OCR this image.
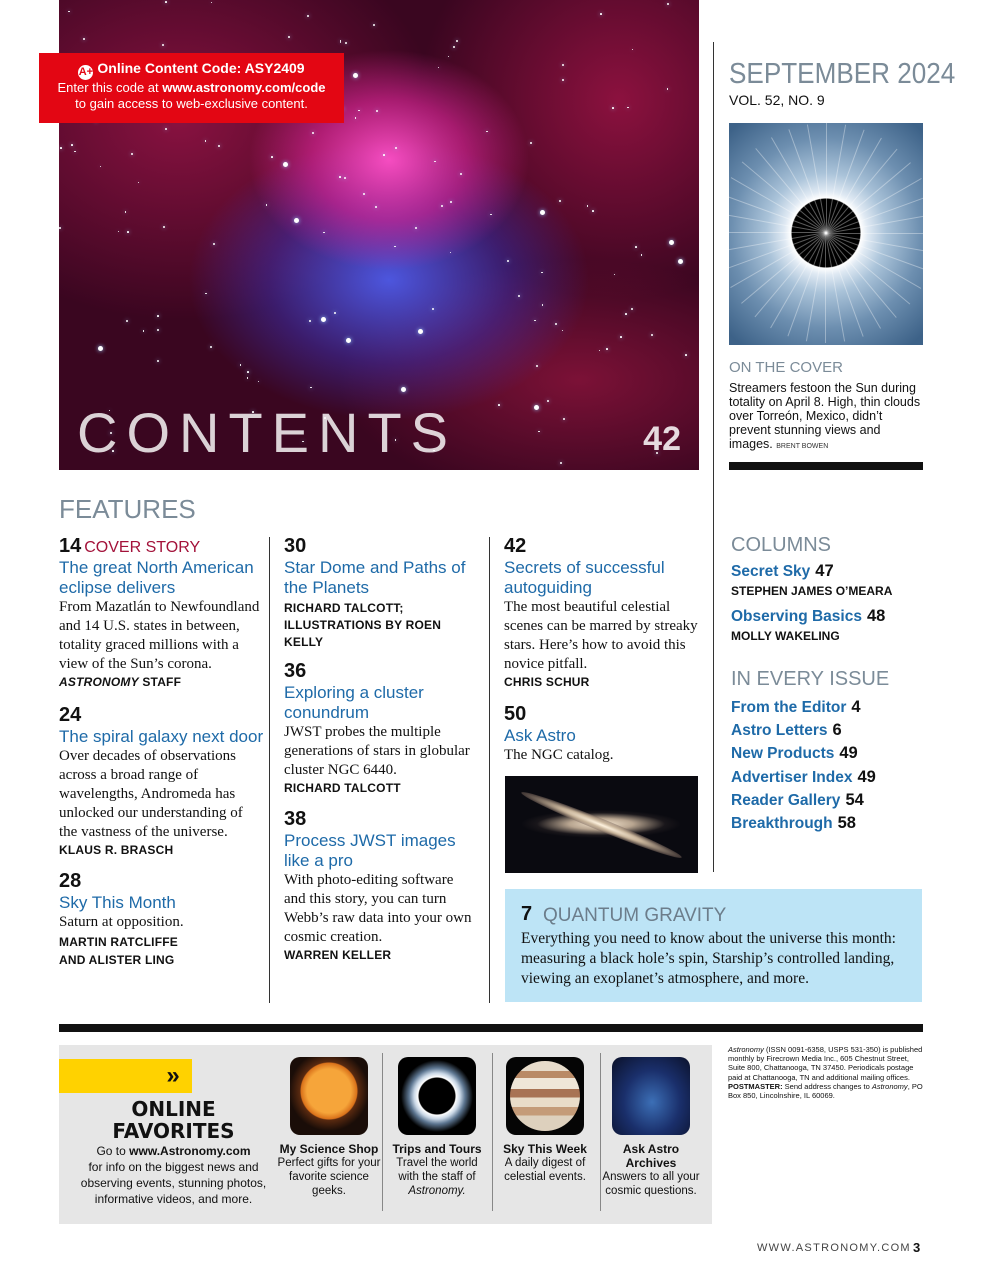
CONTENTS	42
A+ Online Content Code: ASY2409
Enter this code at www.astronomy.com/code
to gain access to web-exclusive content.
SEPTEMBER 2024
VOL. 52, NO. 9
ON THE COVER
Streamers festoon the Sun during totality on April 8. High, thin clouds over Torreón, Mexico, didn’t prevent stunning views and images. BRENT BOWEN
COLUMNS
Secret Sky 47
STEPHEN JAMES O’MEARA
Observing Basics 48
MOLLY WAKELING
IN EVERY ISSUE
From the Editor 4
Astro Letters 6
New Products 49
Advertiser Index 49
Reader Gallery 54
Breakthrough 58
FEATURES
14 COVER STORY
The great North American eclipse delivers
From Mazatlán to Newfoundland and 14 U.S. states in between, totality graced millions with a view of the Sun’s corona.
ASTRONOMY STAFF
24
The spiral galaxy next door
Over decades of observations across a broad range of wavelengths, Andromeda has unlocked our understanding of the vastness of the universe.
KLAUS R. BRASCH
28
Sky This Month
Saturn at opposition.
MARTIN RATCLIFFE AND ALISTER LING
30
Star Dome and Paths of the Planets
RICHARD TALCOTT; ILLUSTRATIONS BY ROEN KELLY
36
Exploring a cluster conundrum
JWST probes the multiple generations of stars in globular cluster NGC 6440.
RICHARD TALCOTT
38
Process JWST images like a pro
With photo-editing software and this story, you can turn Webb’s raw data into your own cosmic creation.
WARREN KELLER
42
Secrets of successful autoguiding
The most beautiful celestial scenes can be marred by streaky stars. Here’s how to avoid this novice pitfall.
CHRIS SCHUR
50
Ask Astro
The NGC catalog.
7 QUANTUM GRAVITY
Everything you need to know about the universe this month: measuring a black hole’s spin, Starship’s controlled landing, viewing an exoplanet’s atmosphere, and more.
»
ONLINE
FAVORITES
Go to www.Astronomy.com
for info on the biggest news and observing events, stunning photos, informative videos, and more.
My Science Shop
Perfect gifts for your favorite science geeks.
Trips and Tours
Travel the world with the staff of Astronomy.
Sky This Week
A daily digest of celestial events.
Ask Astro Archives
Answers to all your cosmic questions.
Astronomy (ISSN 0091-6358, USPS 531-350) is published monthly by Firecrown Media Inc., 605 Chestnut Street, Suite 800, Chattanooga, TN 37450. Periodicals postage paid at Chattanooga, TN and additional mailing offices. POSTMASTER: Send address changes to Astronomy, PO Box 850, Lincolnshire, IL 60069.
WWW.ASTRONOMY.COM 3
